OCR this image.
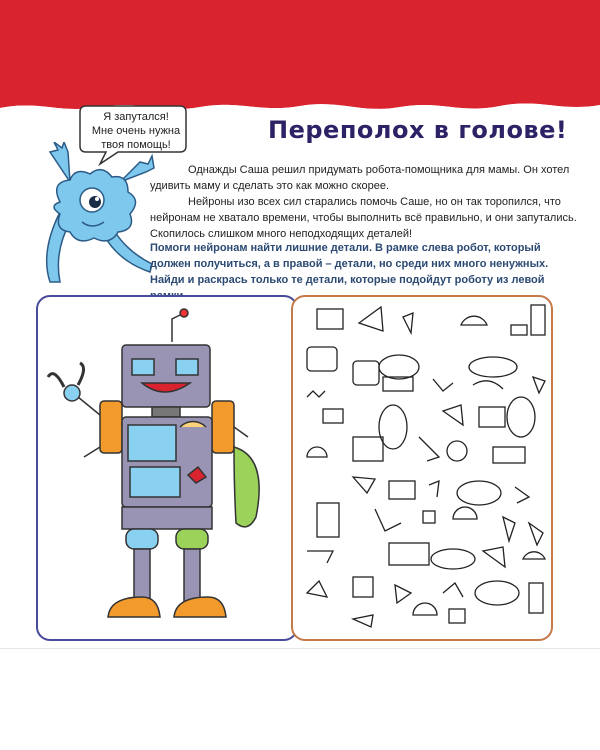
Я запутался!
Мне очень нужна
твоя помощь!
Переполох в голове!

Однажды Саша решил придумать робота-помощника для мамы. Он хотел удивить маму и сделать это как можно скорее.

Нейроны изо всех сил старались помочь Саше, но он так торопился, что нейронам не хватало времени, чтобы выполнить всё правильно, и они запутались. Скопилось слишком много неподходящих деталей!

Помоги нейронам найти лишние детали. В рамке слева робот, который должен получиться, а в правой – детали, но среди них много ненужных. Найди и раскрась только те детали, которые подойдут роботу из левой
